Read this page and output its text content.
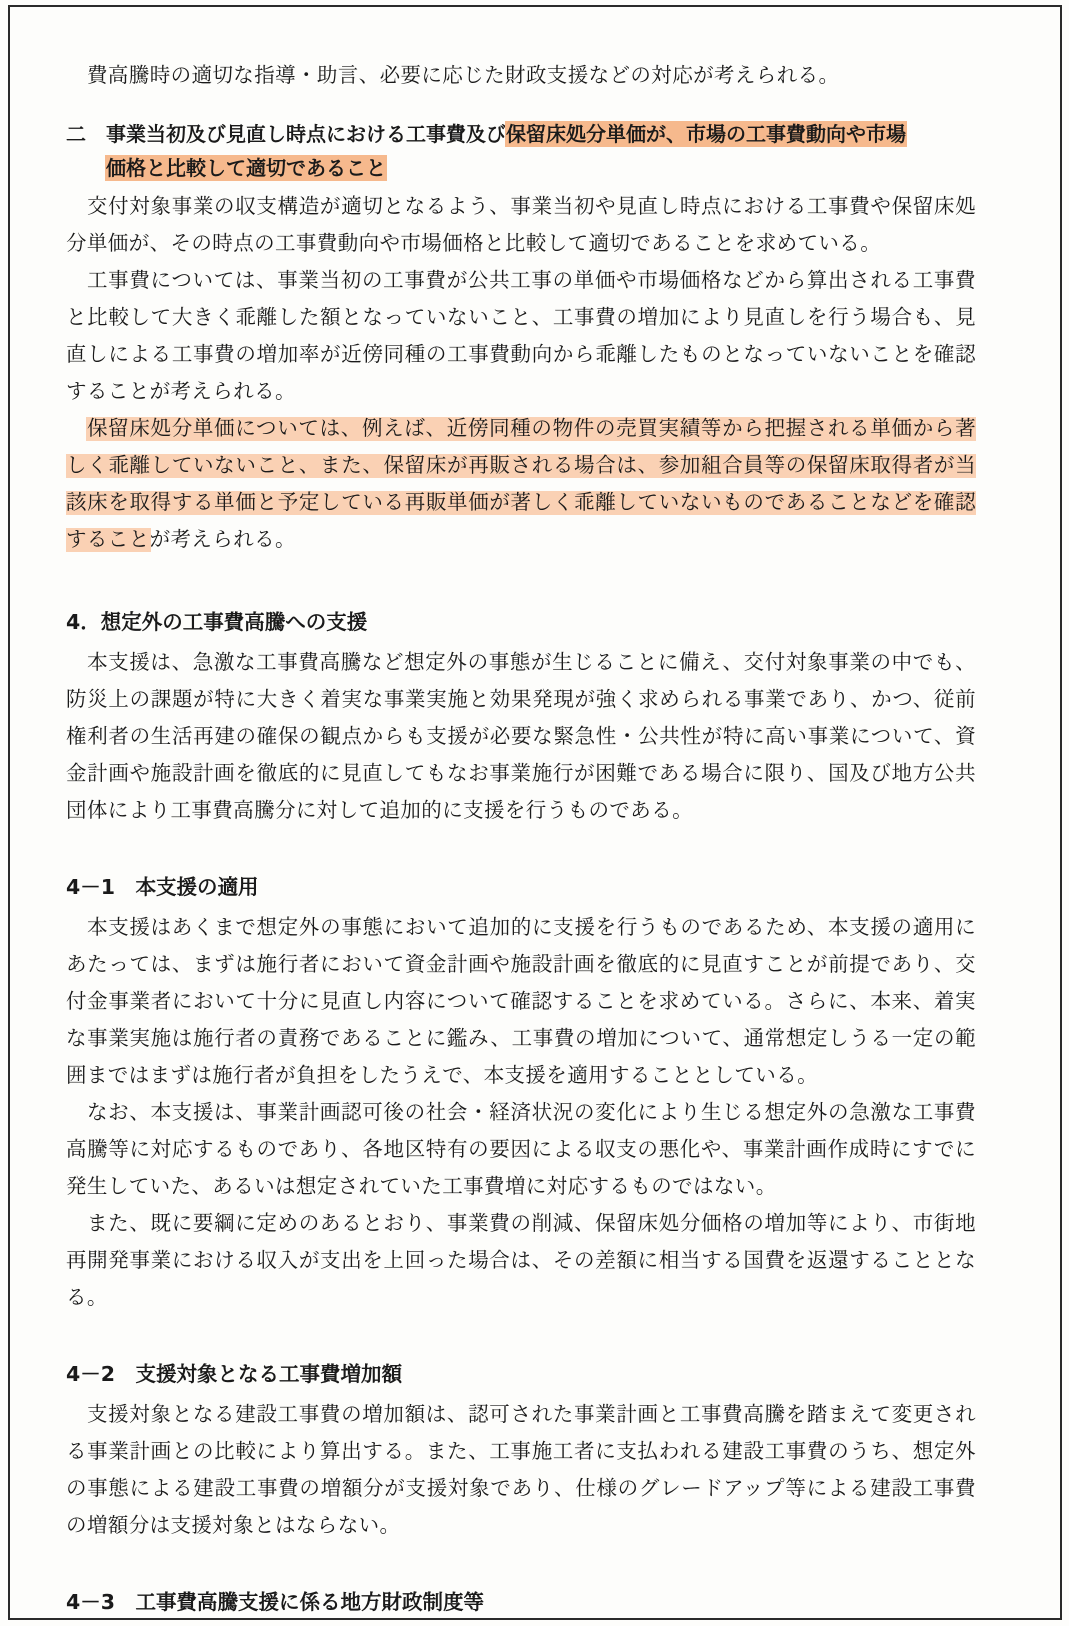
費高騰時の適切な指導・助言、必要に応じた財政支援などの対応が考えられる。

二	事業当初及び見直し時点における工事費及び保留床処分単価が、市場の工事費動向や市場
価格と比較して適切であること

交付対象事業の収支構造が適切となるよう、事業当初や見直し時点における工事費や保留床処分単価が、その時点の工事費動向や市場価格と比較して適切であることを求めている。

工事費については、事業当初の工事費が公共工事の単価や市場価格などから算出される工事費と比較して大きく乖離した額となっていないこと、工事費の増加により見直しを行う場合も、見直しによる工事費の増加率が近傍同種の工事費動向から乖離したものとなっていないことを確認することが考えられる。

保留床処分単価については、例えば、近傍同種の物件の売買実績等から把握される単価から著しく乖離していないこと、また、保留床が再販される場合は、参加組合員等の保留床取得者が当該床を取得する単価と予定している再販単価が著しく乖離していないものであることなどを確認することが考えられる。

4．想定外の工事費高騰への支援

本支援は、急激な工事費高騰など想定外の事態が生じることに備え、交付対象事業の中でも、防災上の課題が特に大きく着実な事業実施と効果発現が強く求められる事業であり、かつ、従前権利者の生活再建の確保の観点からも支援が必要な緊急性・公共性が特に高い事業について、資金計画や施設計画を徹底的に見直してもなお事業施行が困難である場合に限り、国及び地方公共団体により工事費高騰分に対して追加的に支援を行うものである。

4－1　本支援の適用

本支援はあくまで想定外の事態において追加的に支援を行うものであるため、本支援の適用にあたっては、まずは施行者において資金計画や施設計画を徹底的に見直すことが前提であり、交付金事業者において十分に見直し内容について確認することを求めている。さらに、本来、着実な事業実施は施行者の責務であることに鑑み、工事費の増加について、通常想定しうる一定の範囲まではまずは施行者が負担をしたうえで、本支援を適用することとしている。

なお、本支援は、事業計画認可後の社会・経済状況の変化により生じる想定外の急激な工事費高騰等に対応するものであり、各地区特有の要因による収支の悪化や、事業計画作成時にすでに発生していた、あるいは想定されていた工事費増に対応するものではない。

また、既に要綱に定めのあるとおり、事業費の削減、保留床処分価格の増加等により、市街地再開発事業における収入が支出を上回った場合は、その差額に相当する国費を返還することとなる。

4－2　支援対象となる工事費増加額

支援対象となる建設工事費の増加額は、認可された事業計画と工事費高騰を踏まえて変更される事業計画との比較により算出する。また、工事施工者に支払われる建設工事費のうち、想定外の事態による建設工事費の増額分が支援対象であり、仕様のグレードアップ等による建設工事費の増額分は支援対象とはならない。

4－3　工事費高騰支援に係る地方財政制度等
